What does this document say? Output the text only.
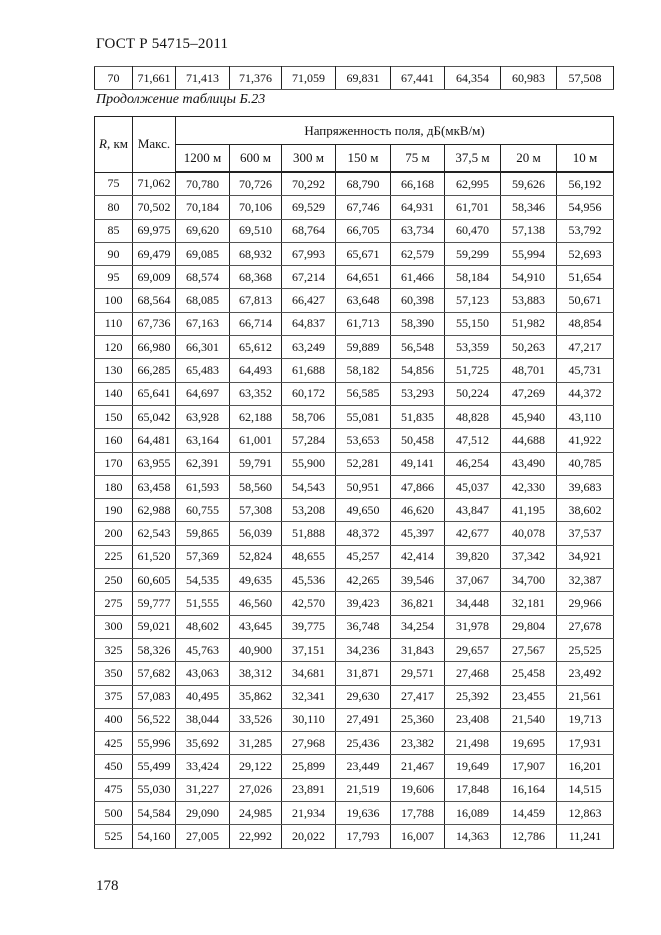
ГОСТ Р 54715–2011
70	71,661	71,413	71,376	71,059	69,831	67,441	64,354	60,983	57,508
Продолжение таблицы Б.23
R, км	Макс.	Напряженность поля, дБ(мкВ/м)							
		1200 м	600 м	300 м	150 м	75 м	37,5 м	20 м	10 м
75	71,062	70,780	70,726	70,292	68,790	66,168	62,995	59,626	56,192
80	70,502	70,184	70,106	69,529	67,746	64,931	61,701	58,346	54,956
85	69,975	69,620	69,510	68,764	66,705	63,734	60,470	57,138	53,792
90	69,479	69,085	68,932	67,993	65,671	62,579	59,299	55,994	52,693
95	69,009	68,574	68,368	67,214	64,651	61,466	58,184	54,910	51,654
100	68,564	68,085	67,813	66,427	63,648	60,398	57,123	53,883	50,671
110	67,736	67,163	66,714	64,837	61,713	58,390	55,150	51,982	48,854
120	66,980	66,301	65,612	63,249	59,889	56,548	53,359	50,263	47,217
130	66,285	65,483	64,493	61,688	58,182	54,856	51,725	48,701	45,731
140	65,641	64,697	63,352	60,172	56,585	53,293	50,224	47,269	44,372
150	65,042	63,928	62,188	58,706	55,081	51,835	48,828	45,940	43,110
160	64,481	63,164	61,001	57,284	53,653	50,458	47,512	44,688	41,922
170	63,955	62,391	59,791	55,900	52,281	49,141	46,254	43,490	40,785
180	63,458	61,593	58,560	54,543	50,951	47,866	45,037	42,330	39,683
190	62,988	60,755	57,308	53,208	49,650	46,620	43,847	41,195	38,602
200	62,543	59,865	56,039	51,888	48,372	45,397	42,677	40,078	37,537
225	61,520	57,369	52,824	48,655	45,257	42,414	39,820	37,342	34,921
250	60,605	54,535	49,635	45,536	42,265	39,546	37,067	34,700	32,387
275	59,777	51,555	46,560	42,570	39,423	36,821	34,448	32,181	29,966
300	59,021	48,602	43,645	39,775	36,748	34,254	31,978	29,804	27,678
325	58,326	45,763	40,900	37,151	34,236	31,843	29,657	27,567	25,525
350	57,682	43,063	38,312	34,681	31,871	29,571	27,468	25,458	23,492
375	57,083	40,495	35,862	32,341	29,630	27,417	25,392	23,455	21,561
400	56,522	38,044	33,526	30,110	27,491	25,360	23,408	21,540	19,713
425	55,996	35,692	31,285	27,968	25,436	23,382	21,498	19,695	17,931
450	55,499	33,424	29,122	25,899	23,449	21,467	19,649	17,907	16,201
475	55,030	31,227	27,026	23,891	21,519	19,606	17,848	16,164	14,515
500	54,584	29,090	24,985	21,934	19,636	17,788	16,089	14,459	12,863
525	54,160	27,005	22,992	20,022	17,793	16,007	14,363	12,786	11,241
178
